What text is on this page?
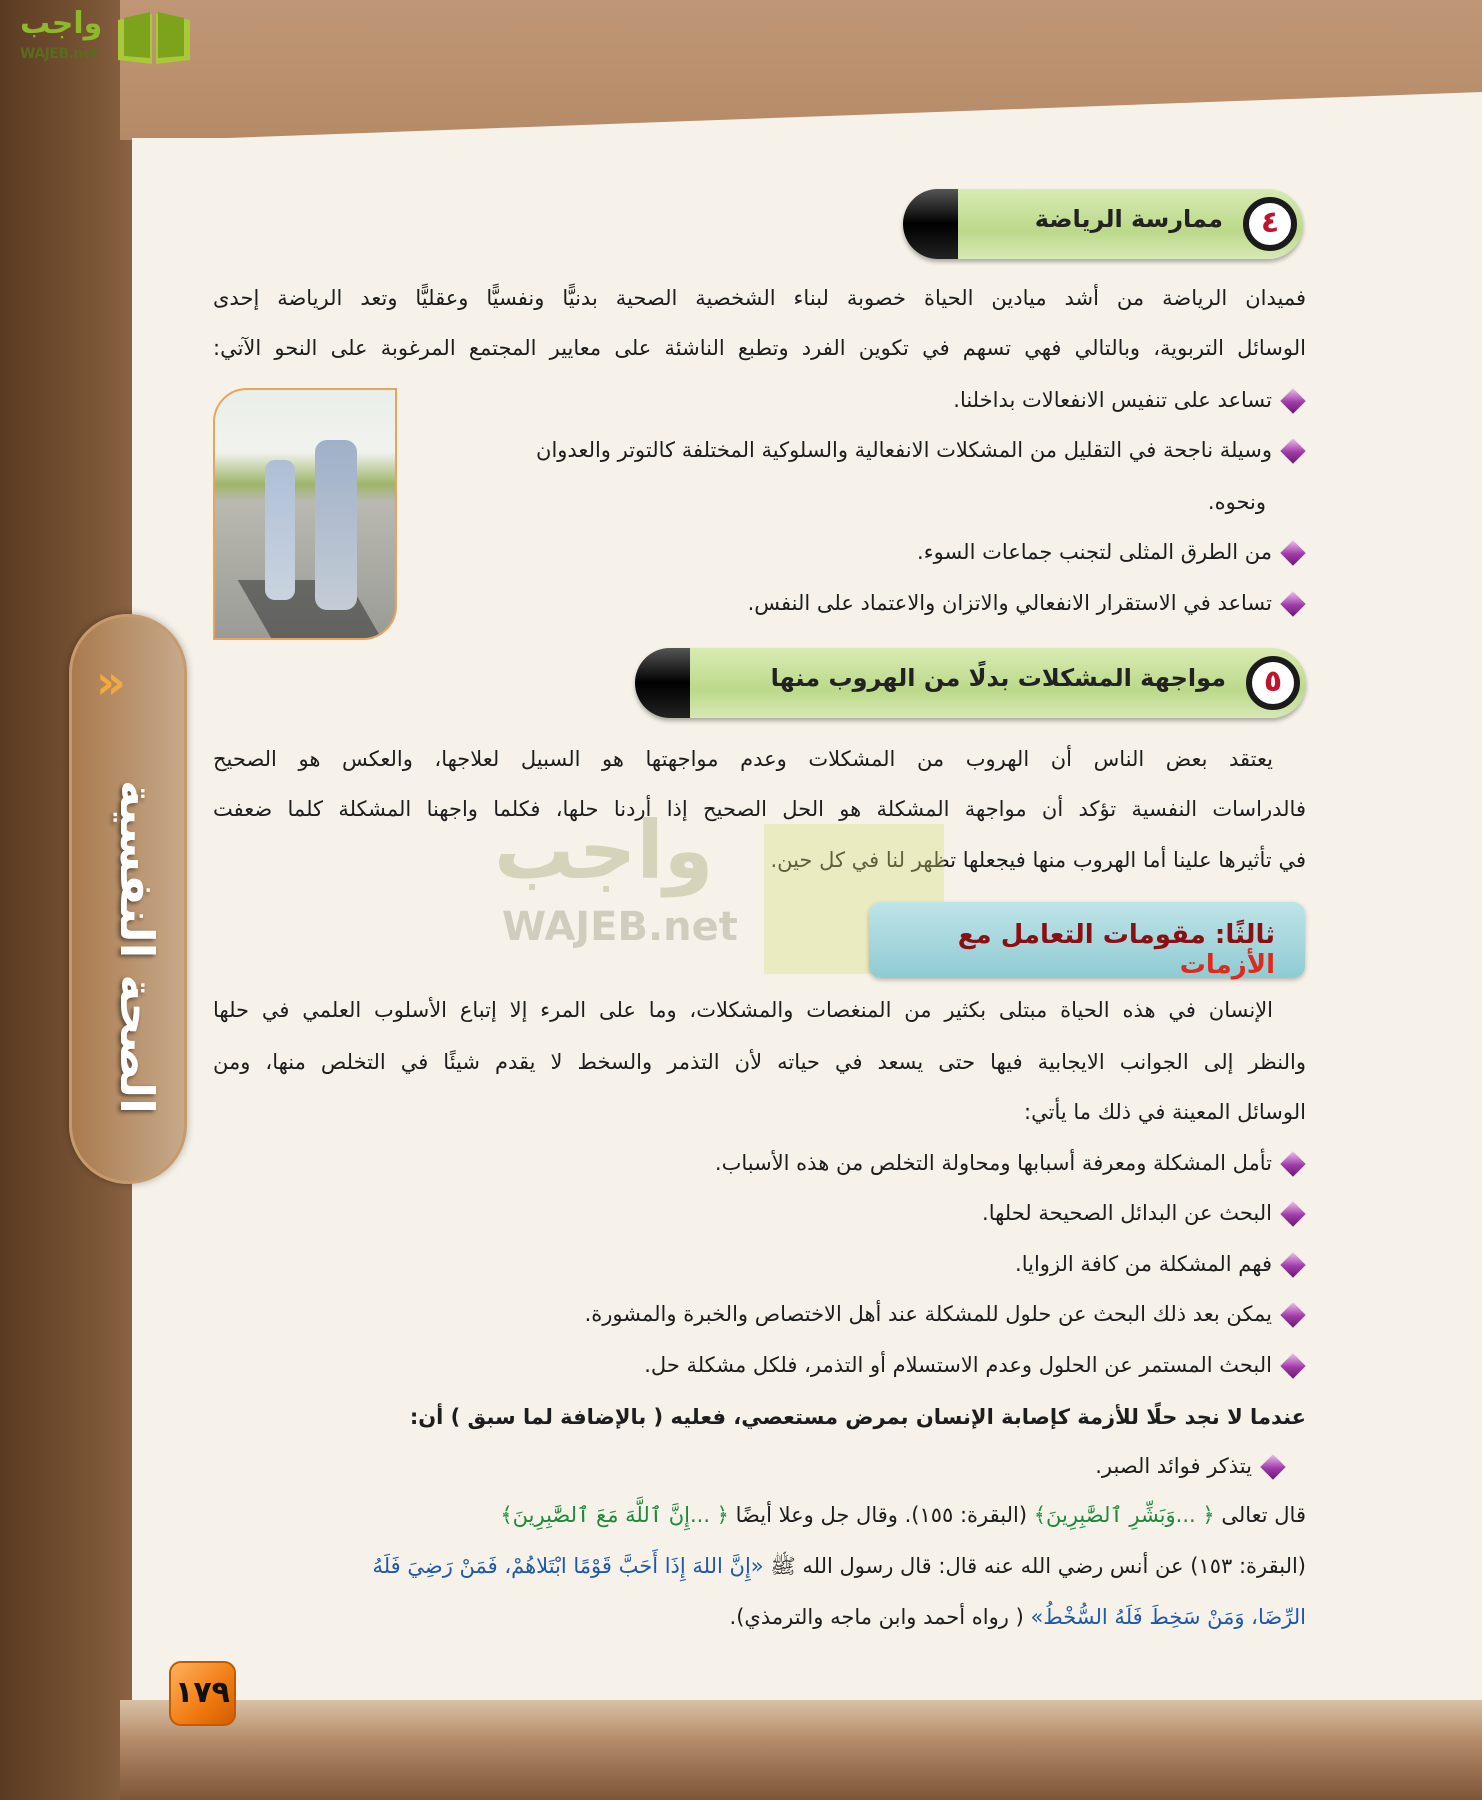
واجب
WAJEB.net
»
الصحة النفسية
٤
ممارسة الرياضة
فميدان الرياضة من أشد ميادين الحياة خصوبة لبناء الشخصية الصحية بدنيًّا ونفسيًّا وعقليًّا وتعد الرياضة إحدى
الوسائل التربوية، وبالتالي فهي تسهم في تكوين الفرد وتطبع الناشئة على معايير المجتمع المرغوبة على النحو الآتي:
تساعد على تنفيس الانفعالات بداخلنا.
وسيلة ناجحة في التقليل من المشكلات الانفعالية والسلوكية المختلفة كالتوتر والعدوان
ونحوه.
من الطرق المثلى لتجنب جماعات السوء.
تساعد في الاستقرار الانفعالي والاتزان والاعتماد على النفس.
٥
مواجهة المشكلات بدلًا من الهروب منها
يعتقد بعض الناس أن الهروب من المشكلات وعدم مواجهتها هو السبيل لعلاجها، والعكس هو الصحيح
فالدراسات النفسية تؤكد أن مواجهة المشكلة هو الحل الصحيح إذا أردنا حلها، فكلما واجهنا المشكلة كلما ضعفت
في تأثيرها علينا أما الهروب منها فيجعلها تظهر لنا في كل حين.
واجب
WAJEB.net	ثالثًا: مقومات التعامل مع الأزمات
الإنسان في هذه الحياة مبتلى بكثير من المنغصات والمشكلات، وما على المرء إلا إتباع الأسلوب العلمي في حلها
والنظر إلى الجوانب الايجابية فيها حتى يسعد في حياته لأن التذمر والسخط لا يقدم شيئًا في التخلص منها، ومن
الوسائل المعينة في ذلك ما يأتي:
تأمل المشكلة ومعرفة أسبابها ومحاولة التخلص من هذه الأسباب.
البحث عن البدائل الصحيحة لحلها.
فهم المشكلة من كافة الزوايا.
يمكن بعد ذلك البحث عن حلول للمشكلة عند أهل الاختصاص والخبرة والمشورة.
البحث المستمر عن الحلول وعدم الاستسلام أو التذمر، فلكل مشكلة حل.
عندما لا نجد حلًا للأزمة كإصابة الإنسان بمرض مستعصي، فعليه ( بالإضافة لما سبق ) أن:
يتذكر فوائد الصبر.
قال تعالى ﴿ ...وَبَشِّرِ ٱلصَّٰبِرِينَ﴾ (البقرة: ١٥٥). وقال جل وعلا أيضًا ﴿ ...إِنَّ ٱللَّهَ مَعَ ٱلصَّٰبِرِينَ﴾
(البقرة: ١٥٣) عن أنس رضي الله عنه قال: قال رسول الله ﷺ «إِنَّ اللهَ إِذَا أَحَبَّ قَوْمًا ابْتَلاهُمْ، فَمَنْ رَضِيَ فَلَهُ
الرِّضَا، وَمَنْ سَخِطَ فَلَهُ السُّخْطُ» ( رواه أحمد وابن ماجه والترمذي).
١٧٩
